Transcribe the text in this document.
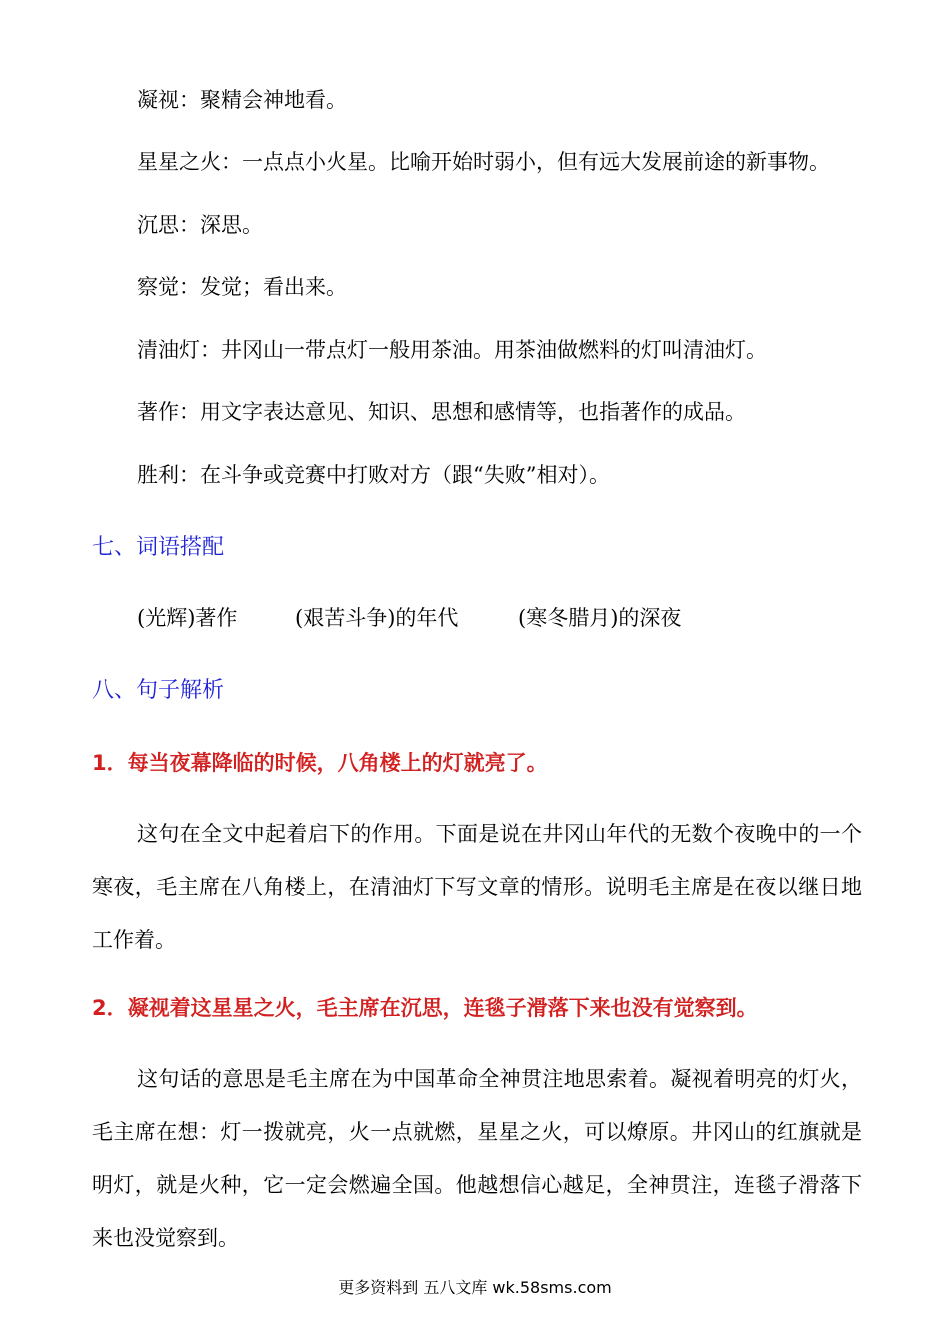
凝视：聚精会神地看。
星星之火：一点点小火星。比喻开始时弱小，但有远大发展前途的新事物。
沉思：深思。
察觉：发觉；看出来。
清油灯：井冈山一带点灯一般用茶油。用茶油做燃料的灯叫清油灯。
著作：用文字表达意见、知识、思想和感情等，也指著作的成品。
胜利：在斗争或竞赛中打败对方（跟“失败”相对）。
七、词语搭配
(光辉)著作	(艰苦斗争)的年代	(寒冬腊月)的深夜
八、句子解析
1．每当夜幕降临的时候，八角楼上的灯就亮了。
这句在全文中起着启下的作用。下面是说在井冈山年代的无数个夜晚中的一个寒夜，毛主席在八角楼上，在清油灯下写文章的情形。说明毛主席是在夜以继日地工作着。
2．凝视着这星星之火，毛主席在沉思，连毯子滑落下来也没有觉察到。
这句话的意思是毛主席在为中国革命全神贯注地思索着。凝视着明亮的灯火，毛主席在想：灯一拨就亮，火一点就燃，星星之火，可以燎原。井冈山的红旗就是明灯，就是火种，它一定会燃遍全国。他越想信心越足，全神贯注，连毯子滑落下来也没觉察到。
更多资料到 五八文库 wk.58sms.com
